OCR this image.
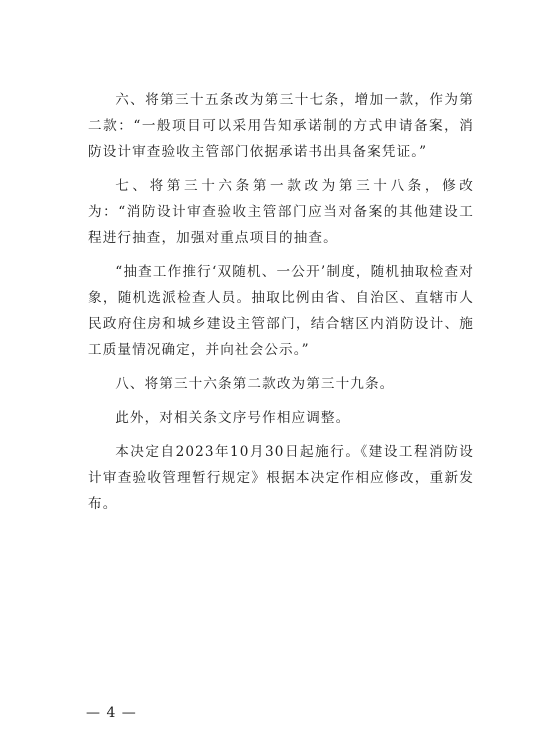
六、将第三十五条改为第三十七条，增加一款，作为第二款：“一般项目可以采用告知承诺制的方式申请备案，消防设计审查验收主管部门依据承诺书出具备案凭证。”

七、将第三十六条第一款改为第三十八条，修改为：“消防设计审查验收主管部门应当对备案的其他建设工程进行抽查，加强对重点项目的抽查。

“抽查工作推行‘双随机、一公开’制度，随机抽取检查对象，随机选派检查人员。抽取比例由省、自治区、直辖市人民政府住房和城乡建设主管部门，结合辖区内消防设计、施工质量情况确定，并向社会公示。”

八、将第三十六条第二款改为第三十九条。

此外，对相关条文序号作相应调整。

本决定自2023年10月30日起施行。《建设工程消防设计审查验收管理暂行规定》根据本决定作相应修改，重新发布。

— 4 —
